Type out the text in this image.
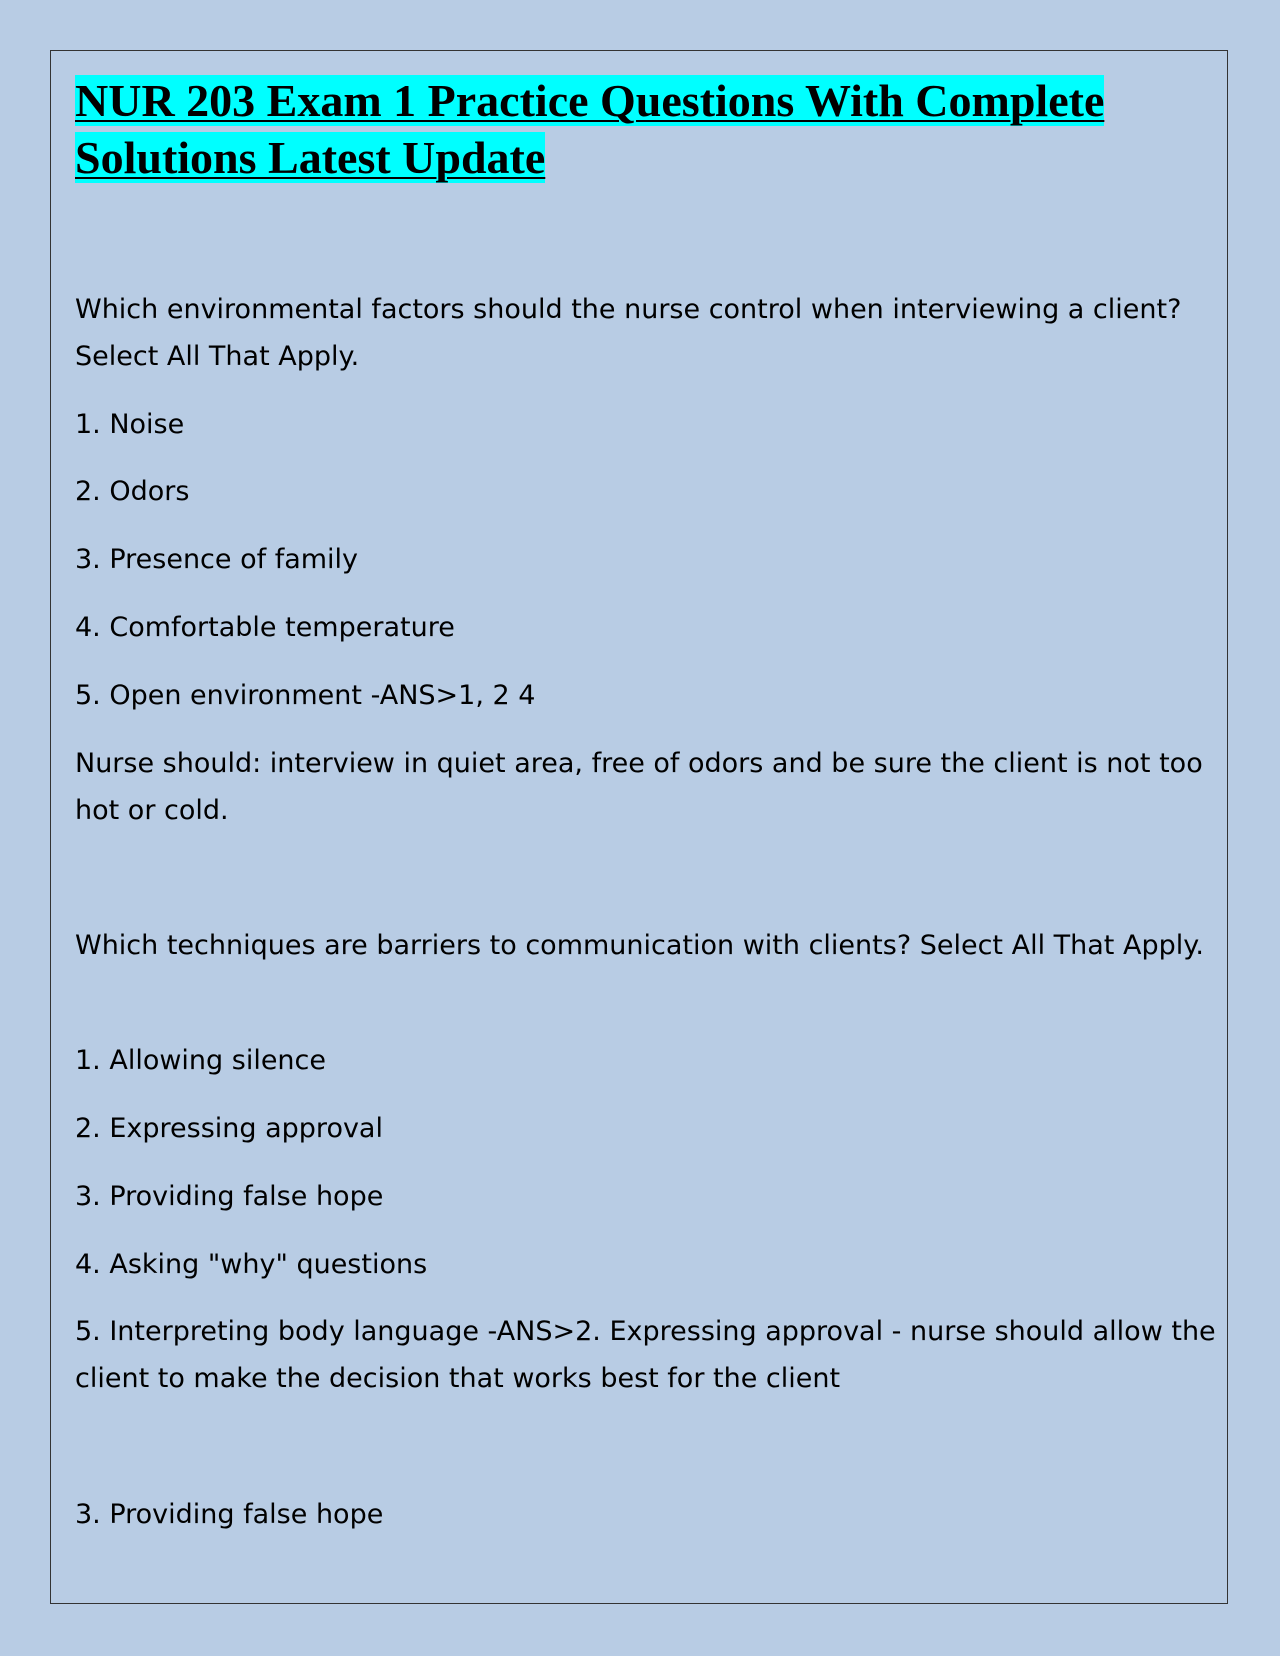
NUR 203 Exam 1 Practice Questions With Complete Solutions Latest Update

Which environmental factors should the nurse control when interviewing a client? Select All That Apply.

1. Noise

2. Odors

3. Presence of family

4. Comfortable temperature

5. Open environment -ANS>1, 2 4

Nurse should: interview in quiet area, free of odors and be sure the client is not too hot or cold.

Which techniques are barriers to communication with clients? Select All That Apply.

1. Allowing silence

2. Expressing approval

3. Providing false hope

4. Asking "why" questions

5. Interpreting body language -ANS>2. Expressing approval - nurse should allow the client to make the decision that works best for the client

3. Providing false hope
